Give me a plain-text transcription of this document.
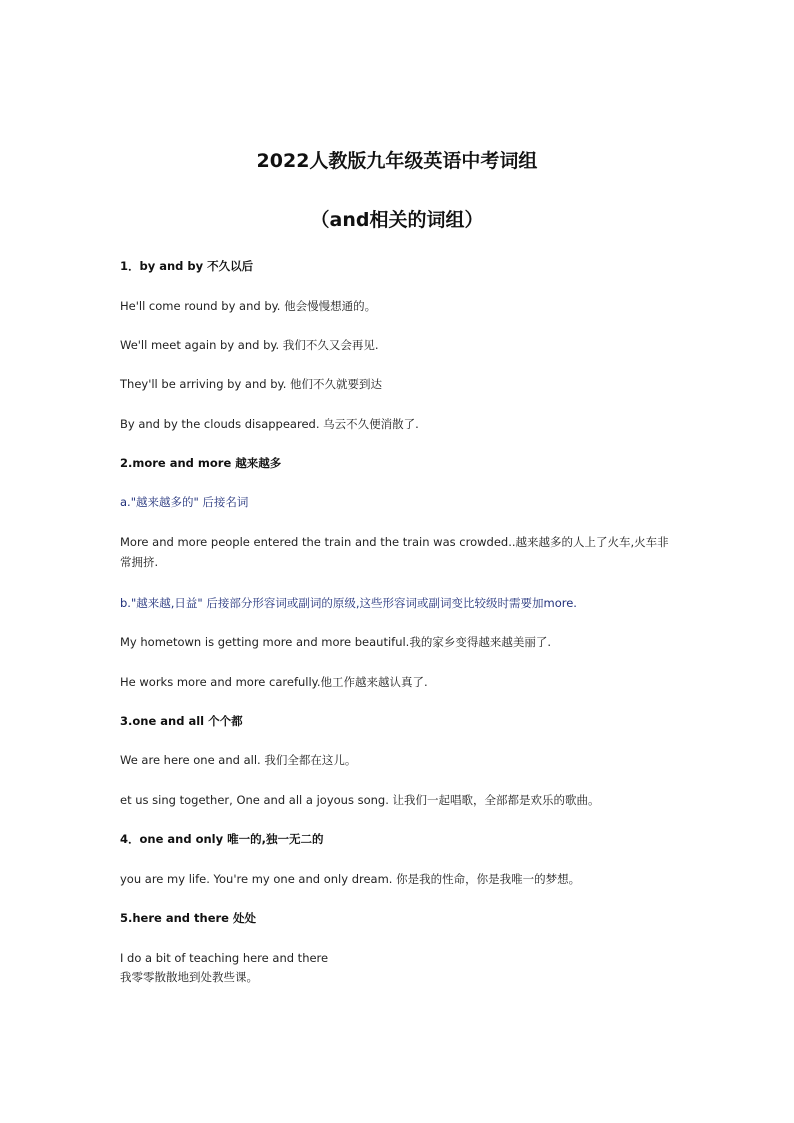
2022人教版九年级英语中考词组
（and相关的词组）
1．by and by 不久以后
He'll come round by and by. 他会慢慢想通的。
We'll meet again by and by. 我们不久又会再见.
They'll be arriving by and by. 他们不久就要到达
By and by the clouds disappeared. 乌云不久便消散了.
2.more and more 越来越多
a."越来越多的" 后接名词
More and more people entered the train and the train was crowded..越来越多的人上了火车,火车非常拥挤.
b."越来越,日益" 后接部分形容词或副词的原级,这些形容词或副词变比较级时需要加more.
My hometown is getting more and more beautiful.我的家乡变得越来越美丽了.
He works more and more carefully.他工作越来越认真了.
3.one and all 个个都
We are here one and all. 我们全都在这儿。
et us sing together, One and all a joyous song. 让我们一起唱歌，全部都是欢乐的歌曲。
4．one and only 唯一的,独一无二的
you are my life. You're my one and only dream. 你是我的性命，你是我唯一的梦想。
5.here and there 处处
I do a bit of teaching here and there
我零零散散地到处教些课。
